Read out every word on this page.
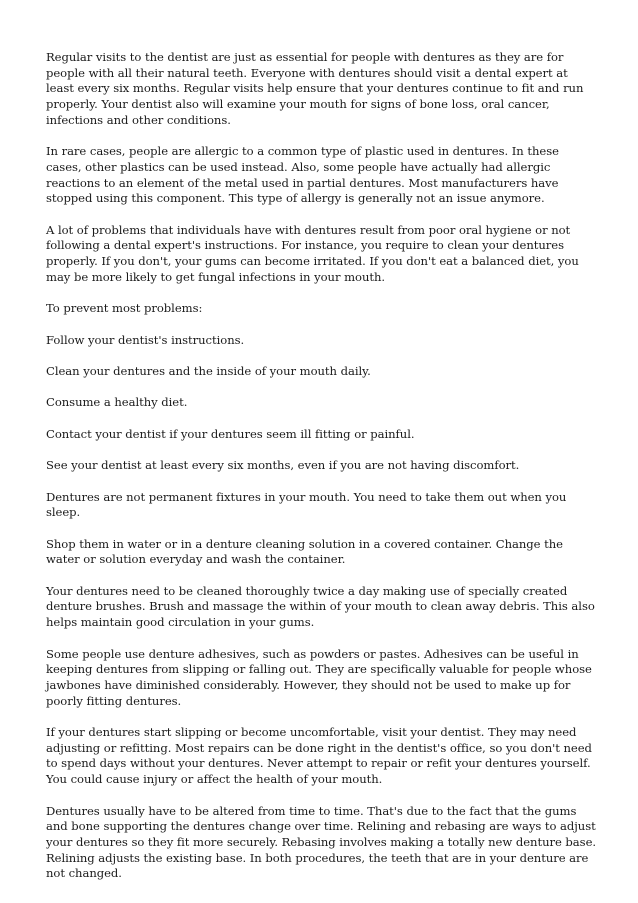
Regular visits to the dentist are just as essential for people with dentures as they are for people with all their natural teeth. Everyone with dentures should visit a dental expert at least every six months. Regular visits help ensure that your dentures continue to fit and run properly. Your dentist also will examine your mouth for signs of bone loss, oral cancer, infections and other conditions.

In rare cases, people are allergic to a common type of plastic used in dentures. In these cases, other plastics can be used instead. Also, some people have actually had allergic reactions to an element of the metal used in partial dentures. Most manufacturers have stopped using this component. This type of allergy is generally not an issue anymore.

A lot of problems that individuals have with dentures result from poor oral hygiene or not following a dental expert's instructions. For instance, you require to clean your dentures properly. If you don't, your gums can become irritated. If you don't eat a balanced diet, you may be more likely to get fungal infections in your mouth.

To prevent most problems:

Follow your dentist's instructions.

Clean your dentures and the inside of your mouth daily.

Consume a healthy diet.

Contact your dentist if your dentures seem ill fitting or painful.

See your dentist at least every six months, even if you are not having discomfort.

Dentures are not permanent fixtures in your mouth. You need to take them out when you sleep.

Shop them in water or in a denture cleaning solution in a covered container. Change the water or solution everyday and wash the container.

Your dentures need to be cleaned thoroughly twice a day making use of specially created denture brushes. Brush and massage the within of your mouth to clean away debris. This also helps maintain good circulation in your gums.

Some people use denture adhesives, such as powders or pastes. Adhesives can be useful in keeping dentures from slipping or falling out. They are specifically valuable for people whose jawbones have diminished considerably. However, they should not be used to make up for poorly fitting dentures.

If your dentures start slipping or become uncomfortable, visit your dentist. They may need adjusting or refitting. Most repairs can be done right in the dentist's office, so you don't need to spend days without your dentures. Never attempt to repair or refit your dentures yourself. You could cause injury or affect the health of your mouth.

Dentures usually have to be altered from time to time. That's due to the fact that the gums and bone supporting the dentures change over time. Relining and rebasing are ways to adjust your dentures so they fit more securely. Rebasing involves making a totally new denture base. Relining adjusts the existing base. In both procedures, the teeth that are in your denture are not changed.
